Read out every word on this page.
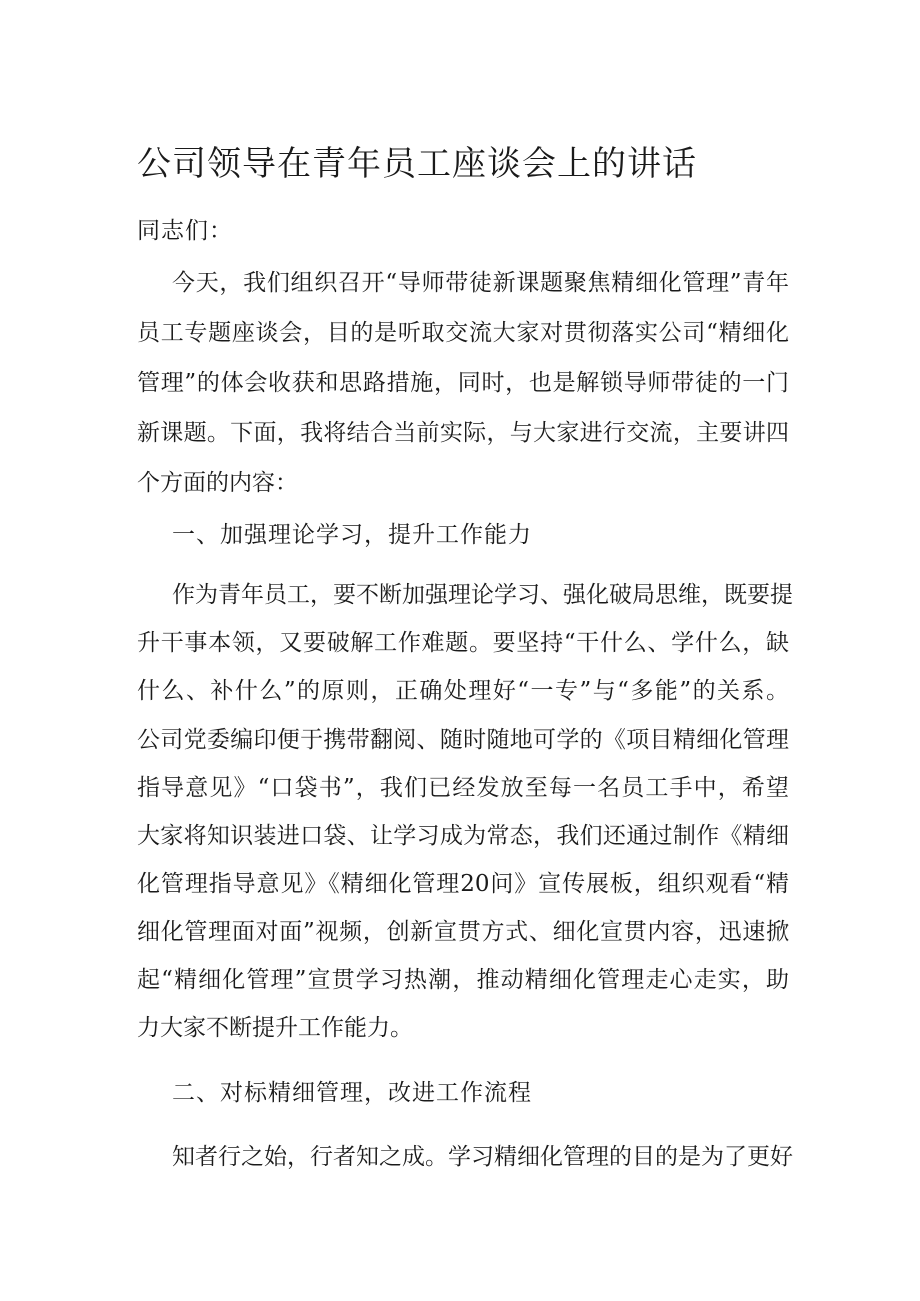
公司领导在青年员工座谈会上的讲话

同志们：

今天，我们组织召开“导师带徒新课题聚焦精细化管理”青年

员工专题座谈会，目的是听取交流大家对贯彻落实公司“精细化

管理”的体会收获和思路措施，同时，也是解锁导师带徒的一门

新课题。下面，我将结合当前实际，与大家进行交流，主要讲四

个方面的内容：

一、加强理论学习，提升工作能力

作为青年员工，要不断加强理论学习、强化破局思维，既要提

升干事本领，又要破解工作难题。要坚持“干什么、学什么，缺

什么、补什么”的原则，正确处理好“一专”与“多能”的关系。

公司党委编印便于携带翻阅、随时随地可学的《项目精细化管理

指导意见》“口袋书”，我们已经发放至每一名员工手中，希望

大家将知识装进口袋、让学习成为常态，我们还通过制作《精细

化管理指导意见》《精细化管理20问》宣传展板，组织观看“精

细化管理面对面”视频，创新宣贯方式、细化宣贯内容，迅速掀

起“精细化管理”宣贯学习热潮，推动精细化管理走心走实，助

力大家不断提升工作能力。

二、对标精细管理，改进工作流程

知者行之始，行者知之成。学习精细化管理的目的是为了更好
